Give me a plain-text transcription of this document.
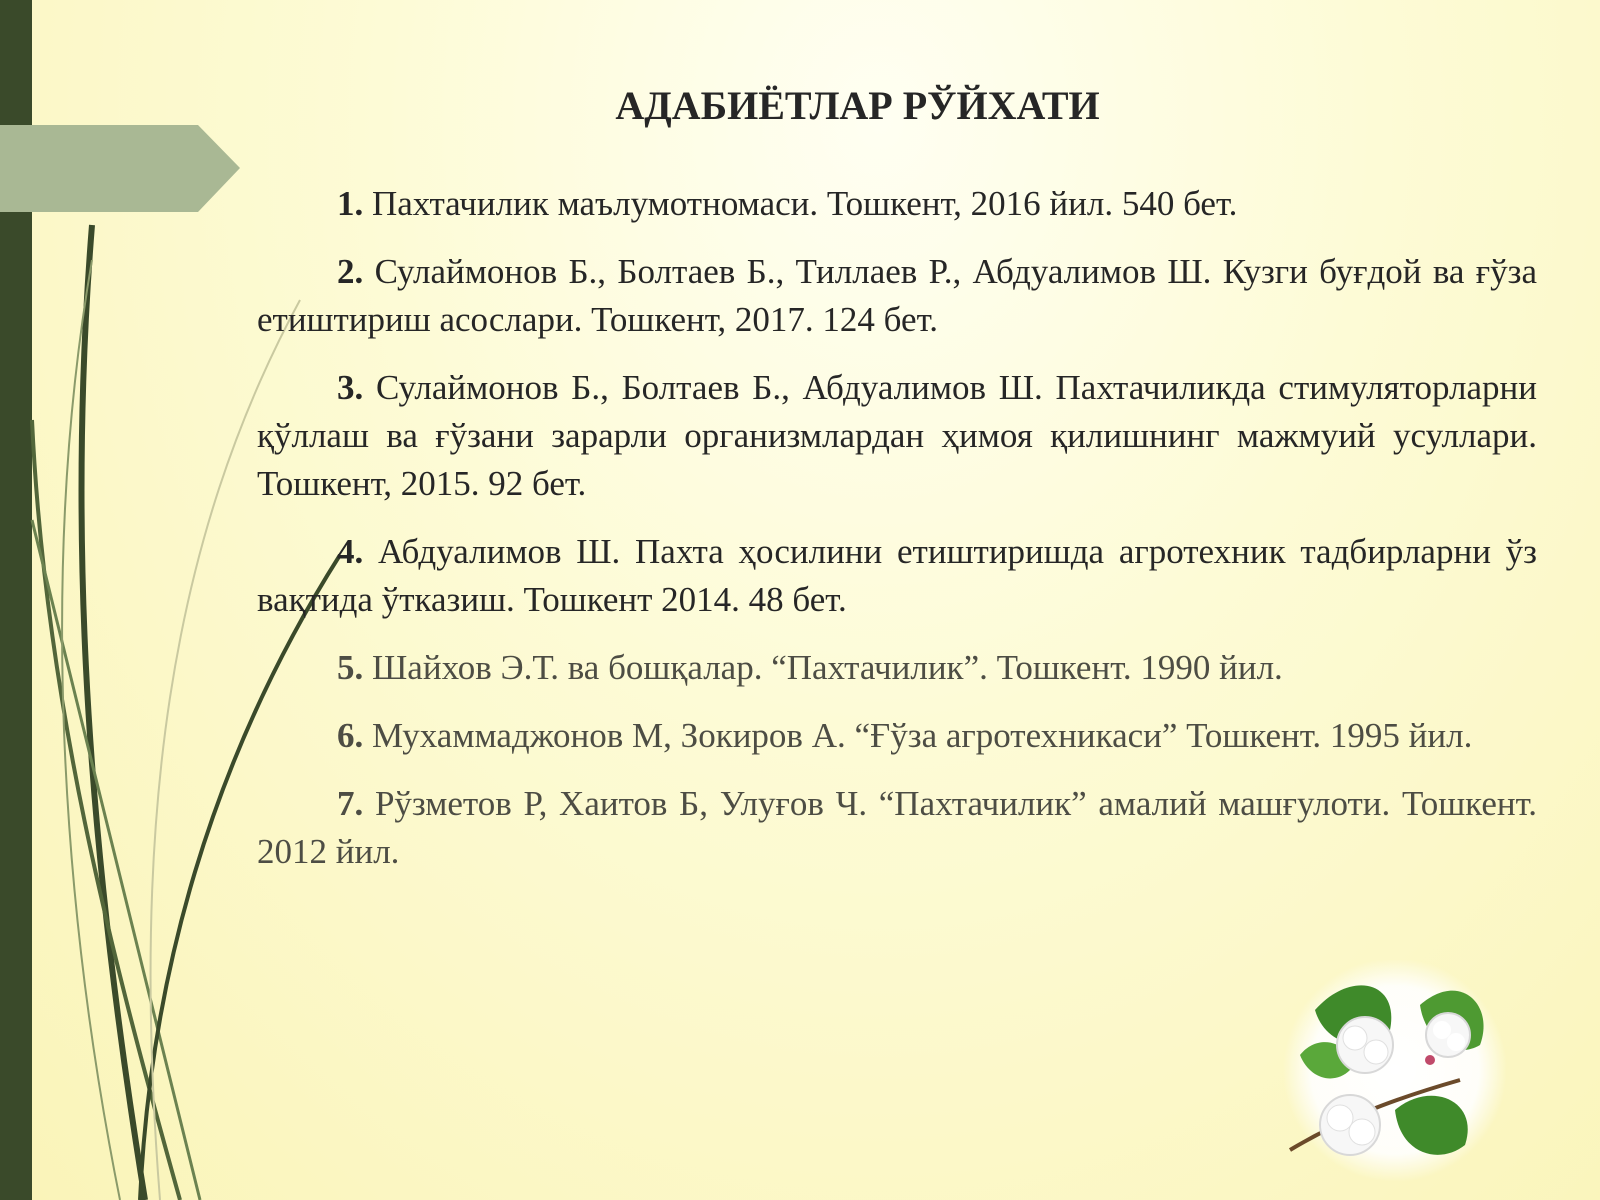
АДАБИЁТЛАР РЎЙХАТИ

1. Пахтачилик маълумотномаси. Тошкент, 2016 йил. 540 бет.

2. Сулаймонов Б., Болтаев Б., Тиллаев Р., Абдуалимов Ш. Кузги буғдой ва ғўза етиштириш асослари. Тошкент, 2017. 124 бет.

3. Сулаймонов Б., Болтаев Б., Абдуалимов Ш. Пахтачиликда стимуляторларни қўллаш ва ғўзани зарарли организмлардан ҳимоя қилишнинг мажмуий усуллари. Тошкент, 2015. 92 бет.

4. Абдуалимов Ш. Пахта ҳосилини етиштиришда агротехник тадбирларни ўз вақтида ўтказиш. Тошкент 2014. 48 бет.

5. Шайхов Э.Т. ва бошқалар. “Пахтачилик”. Тошкент. 1990 йил.

6. Мухаммаджонов М, Зокиров А. “Ғўза агротехникаси” Тошкент. 1995 йил.

7. Рўзметов Р, Хаитов Б, Улуғов Ч. “Пахтачилик” амалий машғулоти. Тошкент. 2012 йил.
